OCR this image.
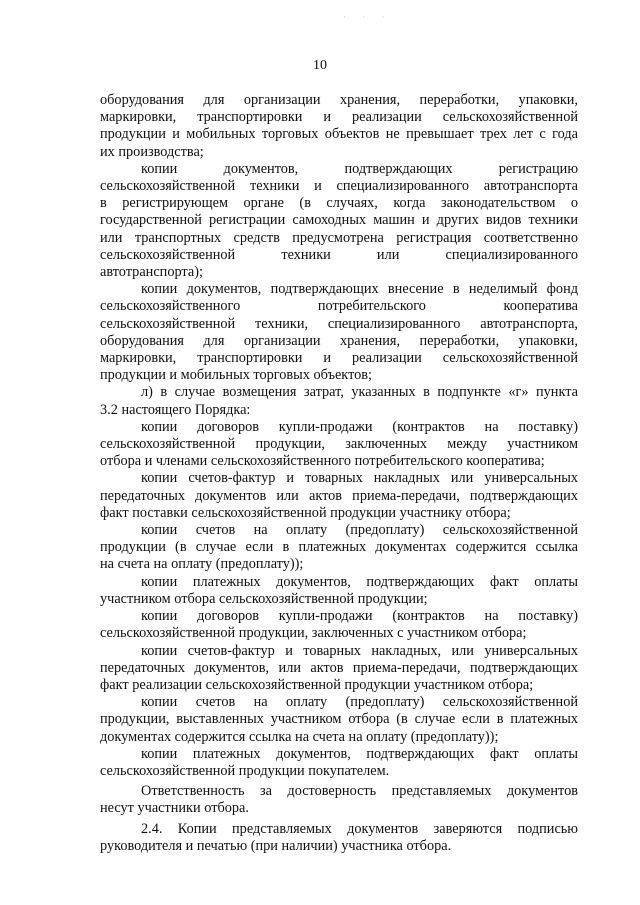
· · ·
10
оборудования для организации хранения, переработки, упаковки,
маркировки, транспортировки и реализации сельскохозяйственной
продукции и мобильных торговых объектов не превышает трех лет с года
их производства;
копии документов, подтверждающих регистрацию
сельскохозяйственной техники и специализированного автотранспорта
в регистрирующем органе (в случаях, когда законодательством о
государственной регистрации самоходных машин и других видов техники
или транспортных средств предусмотрена регистрация соответственно
сельскохозяйственной техники или специализированного
автотранспорта);
копии документов, подтверждающих внесение в неделимый фонд
сельскохозяйственного потребительского кооператива
сельскохозяйственной техники, специализированного автотранспорта,
оборудования для организации хранения, переработки, упаковки,
маркировки, транспортировки и реализации сельскохозяйственной
продукции и мобильных торговых объектов;
л) в случае возмещения затрат, указанных в подпункте «г» пункта
3.2 настоящего Порядка:
копии договоров купли-продажи (контрактов на поставку)
сельскохозяйственной продукции, заключенных между участником
отбора и членами сельскохозяйственного потребительского кооператива;
копии счетов-фактур и товарных накладных или универсальных
передаточных документов или актов приема-передачи, подтверждающих
факт поставки сельскохозяйственной продукции участнику отбора;
копии счетов на оплату (предоплату) сельскохозяйственной
продукции (в случае если в платежных документах содержится ссылка
на счета на оплату (предоплату));
копии платежных документов, подтверждающих факт оплаты
участником отбора сельскохозяйственной продукции;
копии договоров купли-продажи (контрактов на поставку)
сельскохозяйственной продукции, заключенных с участником отбора;
копии счетов-фактур и товарных накладных, или универсальных
передаточных документов, или актов приема-передачи, подтверждающих
факт реализации сельскохозяйственной продукции участником отбора;
копии счетов на оплату (предоплату) сельскохозяйственной
продукции, выставленных участником отбора (в случае если в платежных
документах содержится ссылка на счета на оплату (предоплату));
копии платежных документов, подтверждающих факт оплаты
сельскохозяйственной продукции покупателем.
Ответственность за достоверность представляемых документов
несут участники отбора.
2.4. Копии представляемых документов заверяются подписью
руководителя и печатью (при наличии) участника отбора.
